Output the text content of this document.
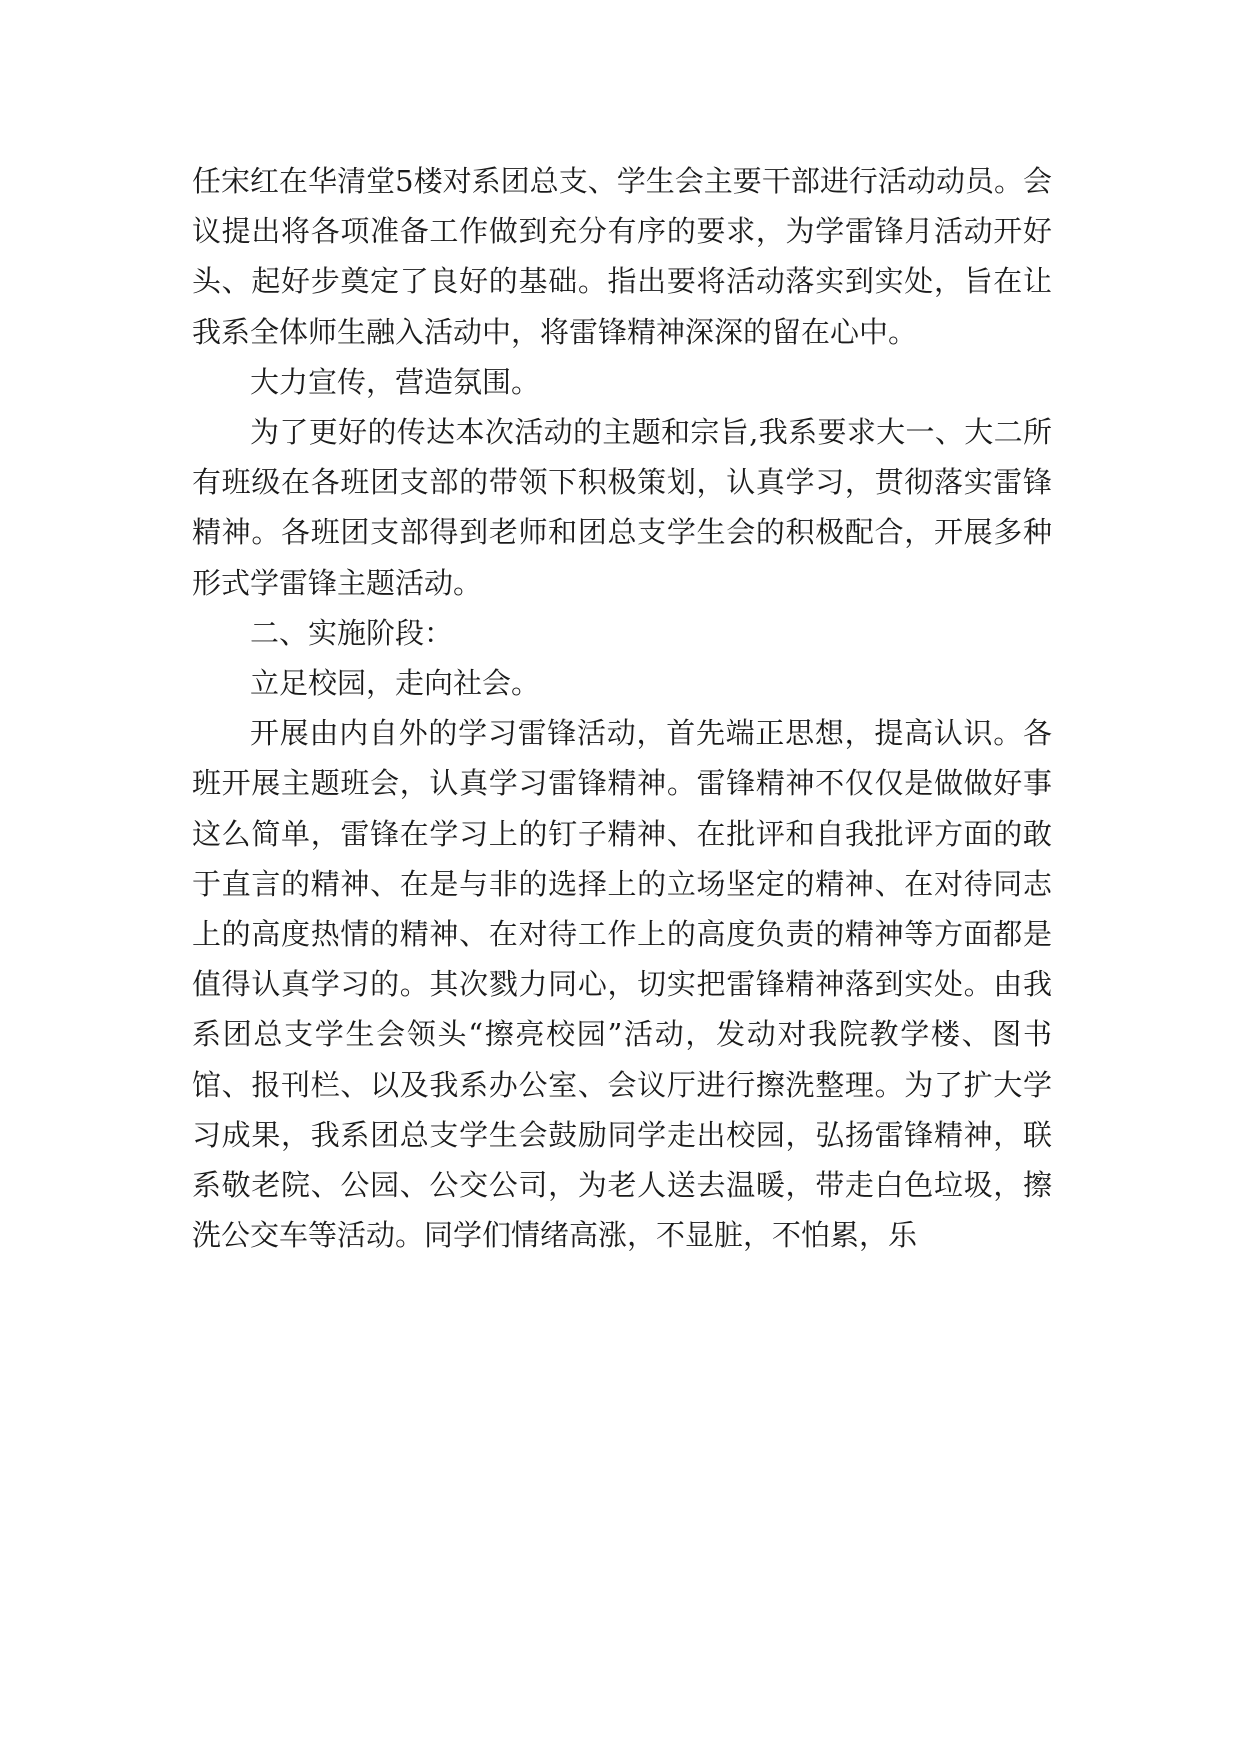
任宋红在华清堂5楼对系团总支、学生会主要干部进行活动动员。会议提出将各项准备工作做到充分有序的要求，为学雷锋月活动开好头、起好步奠定了良好的基础。指出要将活动落实到实处，旨在让我系全体师生融入活动中，将雷锋精神深深的留在心中。

大力宣传，营造氛围。

为了更好的传达本次活动的主题和宗旨,我系要求大一、大二所有班级在各班团支部的带领下积极策划，认真学习，贯彻落实雷锋精神。各班团支部得到老师和团总支学生会的积极配合，开展多种形式学雷锋主题活动。

二、实施阶段：

立足校园，走向社会。

开展由内自外的学习雷锋活动，首先端正思想，提高认识。各班开展主题班会，认真学习雷锋精神。雷锋精神不仅仅是做做好事这么简单，雷锋在学习上的钉子精神、在批评和自我批评方面的敢于直言的精神、在是与非的选择上的立场坚定的精神、在对待同志上的高度热情的精神、在对待工作上的高度负责的精神等方面都是值得认真学习的。其次戮力同心，切实把雷锋精神落到实处。由我系团总支学生会领头“擦亮校园”活动，发动对我院教学楼、图书馆、报刊栏、以及我系办公室、会议厅进行擦洗整理。为了扩大学习成果，我系团总支学生会鼓励同学走出校园，弘扬雷锋精神，联系敬老院、公园、公交公司，为老人送去温暖，带走白色垃圾，擦洗公交车等活动。同学们情绪高涨，不显脏，不怕累，乐
